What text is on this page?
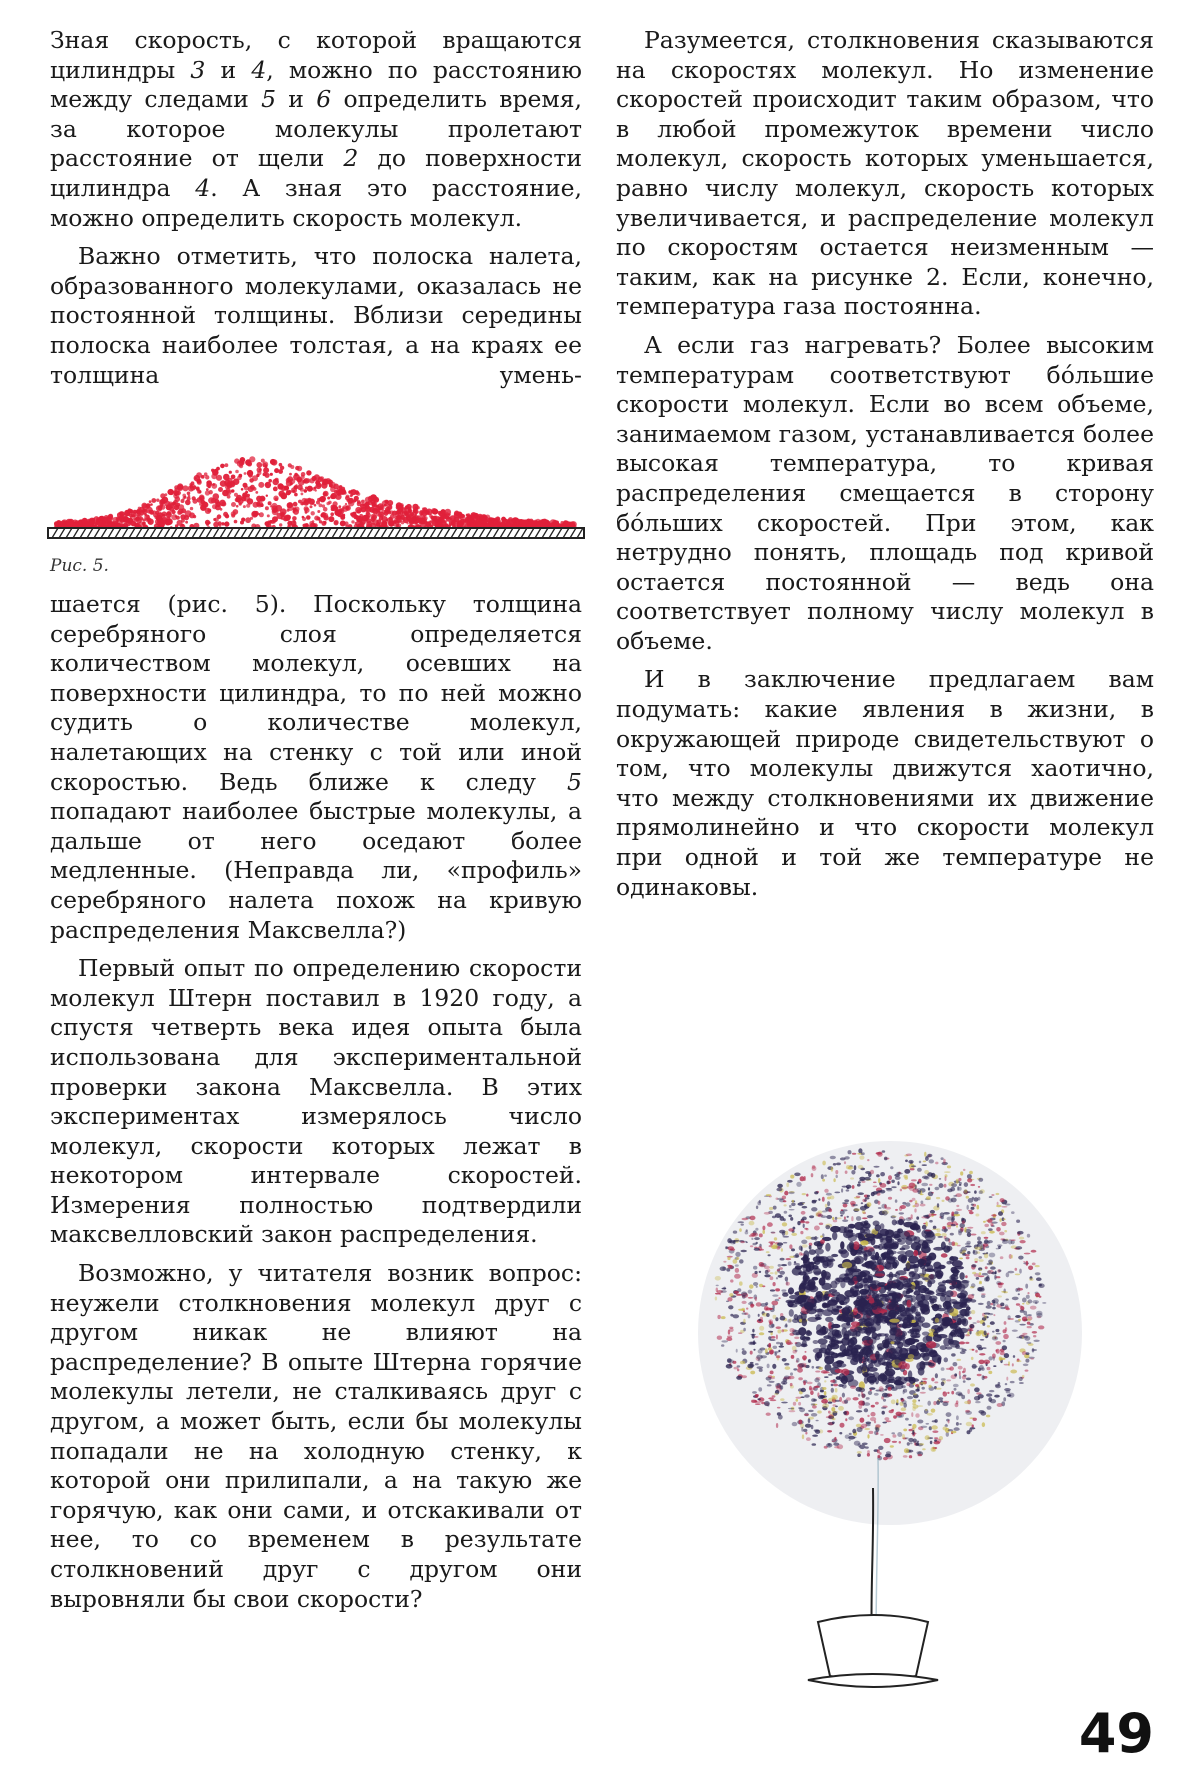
Зная скорость, с которой вращаются цилиндры 3 и 4, можно по расстоянию между следами 5 и 6 определить время, за которое молекулы пролетают расстояние от щели 2 до поверхности цилиндра 4. А зная это расстояние, можно определить скорость молекул.

Важно отметить, что полоска налета, образованного молекулами, оказалась не постоянной толщины. Вблизи середины полоска наиболее толстая, а на краях ее толщина умень-

Рис. 5.

шается (рис. 5). Поскольку толщина серебряного слоя определяется количеством молекул, осевших на поверхности цилиндра, то по ней можно судить о количестве молекул, налетающих на стенку с той или иной скоростью. Ведь ближе к следу 5 попадают наиболее быстрые молекулы, а дальше от него оседают более медленные. (Неправда ли, «профиль» серебряного налета похож на кривую распределения Максвелла?)

Первый опыт по определению скорости молекул Штерн поставил в 1920 году, а спустя четверть века идея опыта была использована для экспериментальной проверки закона Максвелла. В этих экспериментах измерялось число молекул, скорости которых лежат в некотором интервале скоростей. Измерения полностью подтвердили максвелловский закон распределения.

Возможно, у читателя возник вопрос: неужели столкновения молекул друг с другом никак не влияют на распределение? В опыте Штерна горячие молекулы летели, не сталкиваясь друг с другом, а может быть, если бы молекулы попадали не на холодную стенку, к которой они прилипали, а на такую же горячую, как они сами, и отскакивали от нее, то со временем в результате столкновений друг с другом они выровняли бы свои скорости?

Разумеется, столкновения сказываются на скоростях молекул. Но изменение скоростей происходит таким образом, что в любой промежуток времени число молекул, скорость которых уменьшается, равно числу молекул, скорость которых увеличивается, и распределение молекул по скоростям остается неизменным — таким, как на рисунке 2. Если, конечно, температура газа постоянна.

А если газ нагревать? Более высоким температурам соответствуют бо́льшие скорости молекул. Если во всем объеме, занимаемом газом, устанавливается более высокая температура, то кривая распределения смещается в сторону бо́льших скоростей. При этом, как нетрудно понять, площадь под кривой остается постоянной — ведь она соответствует полному числу молекул в объеме.

И в заключение предлагаем вам подумать: какие явления в жизни, в окружающей природе свидетельствуют о том, что молекулы движутся хаотично, что между столкновениями их движение прямолинейно и что скорости молекул при одной и той же температуре не одинаковы.

49
